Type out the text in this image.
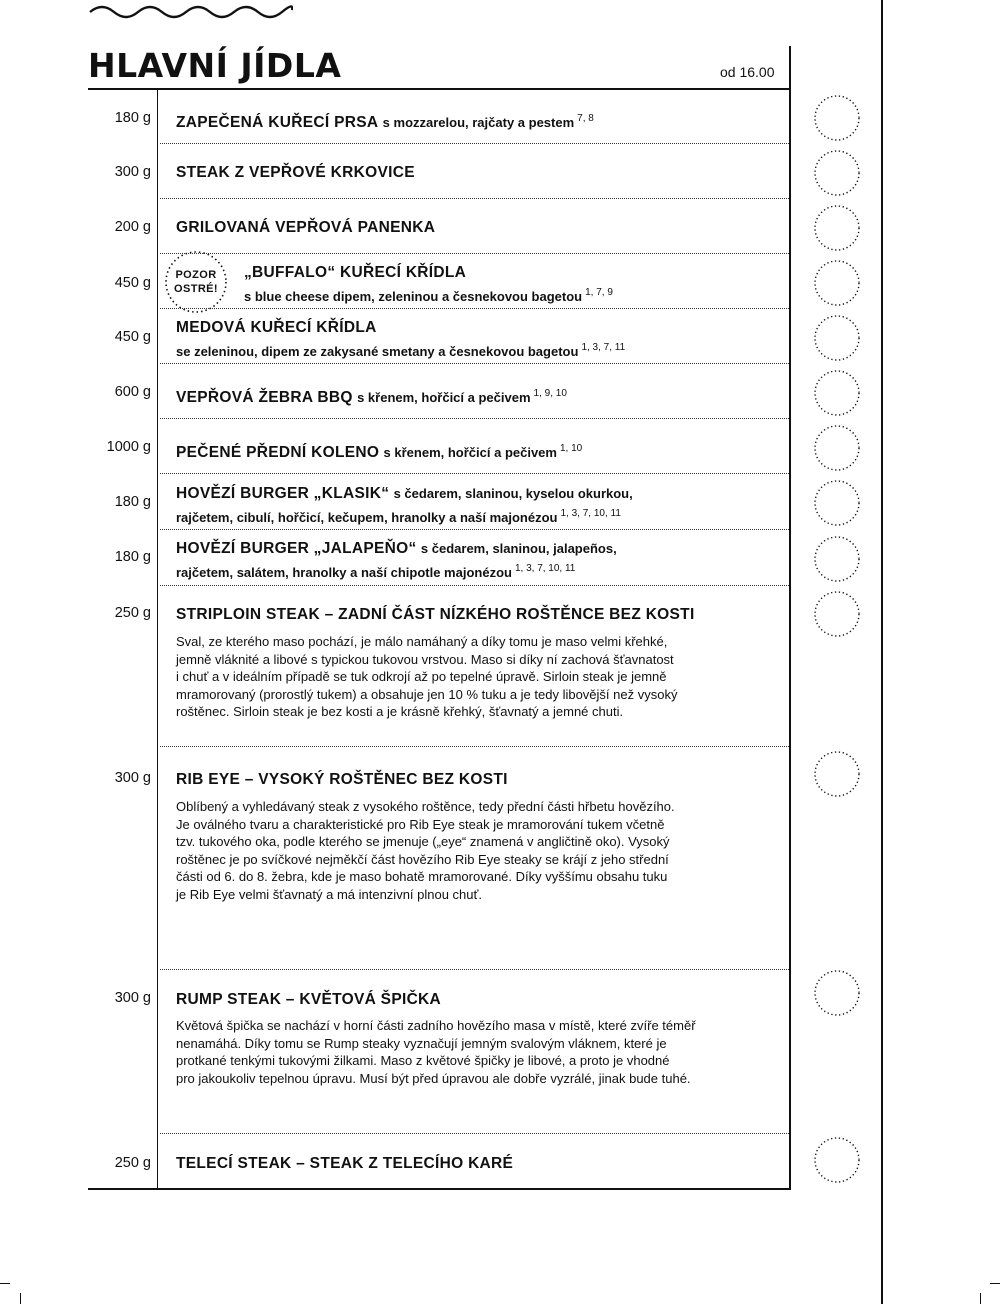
HLAVNÍ JÍDLA	od 16.00
180 g ZAPEČENÁ KUŘECÍ PRSA s mozzarelou, rajčaty a pestem $^{7, 8}$
300 g STEAK Z VEPŘOVÉ KRKOVICE
200 g GRILOVANÁ VEPŘOVÁ PANENKA
450 g	POZOR
OSTRÉ!
„BUFFALO“ KUŘECÍ KŘÍDLA
s blue cheese dipem, zeleninou a česnekovou bagetou $^{1, 7, 9}$
450 g
MEDOVÁ KUŘECÍ KŘÍDLA
se zeleninou, dipem ze zakysané smetany a česnekovou bagetou $^{1, 3, 7, 11}$
600 g VEPŘOVÁ ŽEBRA BBQ s křenem, hořčicí a pečivem $^{1, 9, 10}$
1000 g PEČENÉ PŘEDNÍ KOLENO s křenem, hořčicí a pečivem $^{1, 10}$
180 g HOVĚZÍ BURGER „KLASIK“ s čedarem, slaninou, kyselou okurkou,
rajčetem, cibulí, hořčicí, kečupem, hranolky a naší majonézou $^{1, 3, 7, 10, 11}$
180 g HOVĚZÍ BURGER „JALAPEŇO“ s čedarem, slaninou, jalapeños,
rajčetem, salátem, hranolky a naší chipotle majonézou $^{1, 3, 7, 10, 11}$
250 g STRIPLOIN STEAK – ZADNÍ ČÁST NÍZKÉHO ROŠTĚNCE BEZ KOSTI
Sval, ze kterého maso pochází, je málo namáhaný a díky tomu je maso velmi křehké,
jemně vláknité a libové s typickou tukovou vrstvou. Maso si díky ní zachová šťavnatost
i chuť a v ideálním případě se tuk odkrojí až po tepelné úpravě. Sirloin steak je jemně
mramorovaný (prorostlý tukem) a obsahuje jen 10 % tuku a je tedy libovější než vysoký
roštěnec. Sirloin steak je bez kosti a je krásně křehký, šťavnatý a jemné chuti.
300 g RIB EYE – VYSOKÝ ROŠTĚNEC BEZ KOSTI
Oblíbený a vyhledávaný steak z vysokého roštěnce, tedy přední části hřbetu hovězího.
Je oválného tvaru a charakteristické pro Rib Eye steak je mramorování tukem včetně
tzv. tukového oka, podle kterého se jmenuje („eye“ znamená v angličtině oko). Vysoký
roštěnec je po svíčkové nejměkčí část hovězího Rib Eye steaky se krájí z jeho střední
části od 6. do 8. žebra, kde je maso bohatě mramorované. Díky vyššímu obsahu tuku
je Rib Eye velmi šťavnatý a má intenzivní plnou chuť.
300 g RUMP STEAK – KVĚTOVÁ ŠPIČKA
Květová špička se nachází v horní části zadního hovězího masa v místě, které zvíře téměř
nenamáhá. Díky tomu se Rump steaky vyznačují jemným svalovým vláknem, které je
protkané tenkými tukovými žilkami. Maso z květové špičky je libové, a proto je vhodné
pro jakoukoliv tepelnou úpravu. Musí být před úpravou ale dobře vyzrálé, jinak bude tuhé.
250 g TELECÍ STEAK – STEAK Z TELECÍHO KARÉ
